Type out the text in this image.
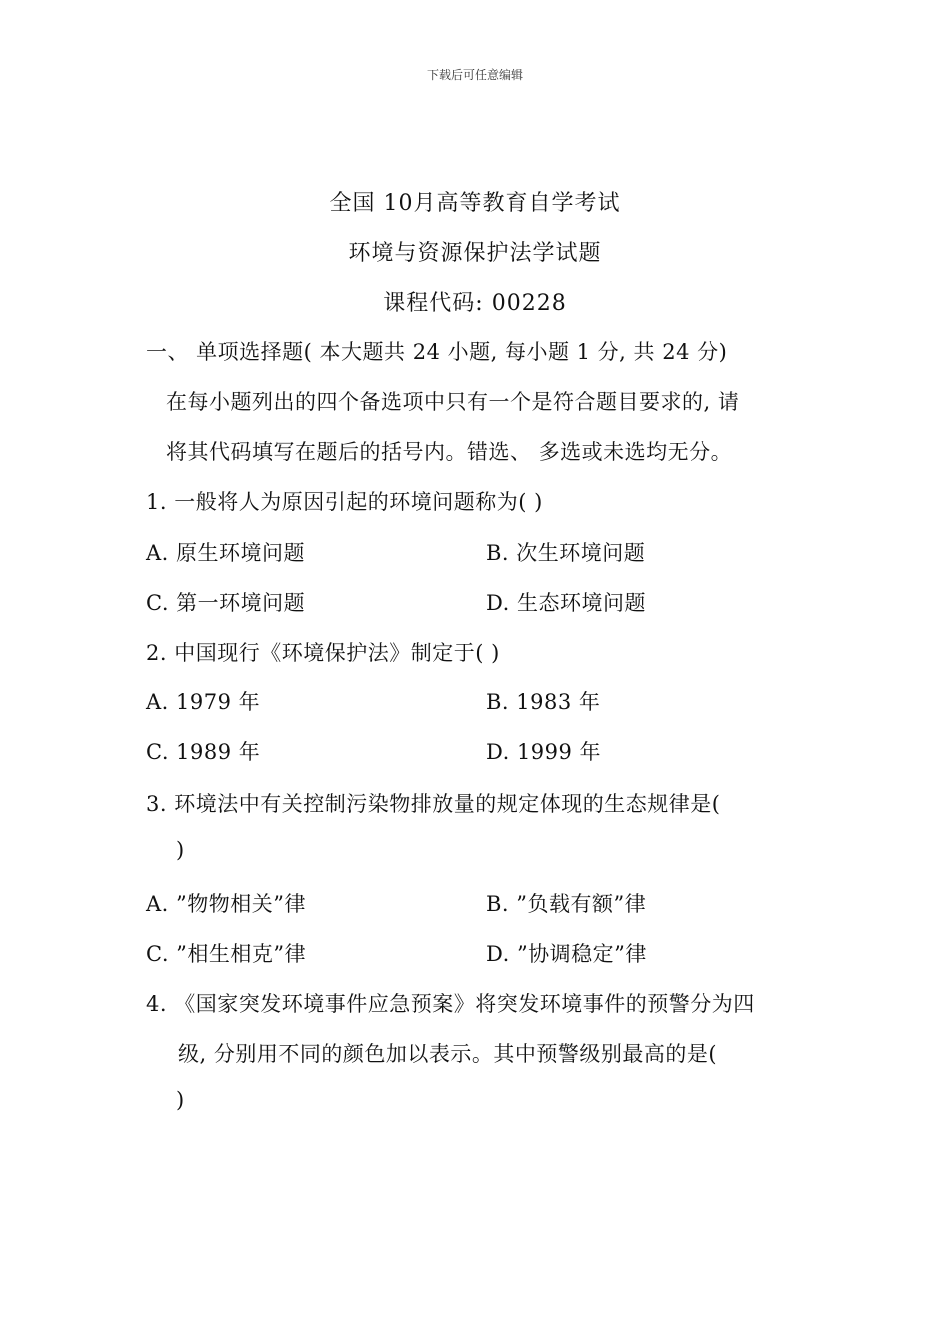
下载后可任意编辑
全国 10月高等教育自学考试
环境与资源保护法学试题
课程代码: 00228
一、 单项选择题( 本大题共 24 小题, 每小题 1 分, 共 24 分)
在每小题列出的四个备选项中只有一个是符合题目要求的, 请
将其代码填写在题后的括号内。错选、 多选或未选均无分。
1. 一般将人为原因引起的环境问题称为( )
A. 原生环境问题	B. 次生环境问题
C. 第一环境问题	D. 生态环境问题
2. 中国现行《环境保护法》制定于( )
A. 1979 年	B. 1983 年
C. 1989 年	D. 1999 年
3. 环境法中有关控制污染物排放量的规定体现的生态规律是(
)
A. ”物物相关”律	B. ”负载有额”律
C. ”相生相克”律	D. ”协调稳定”律
4. 《国家突发环境事件应急预案》将突发环境事件的预警分为四
级, 分别用不同的颜色加以表示。其中预警级别最高的是(
)
